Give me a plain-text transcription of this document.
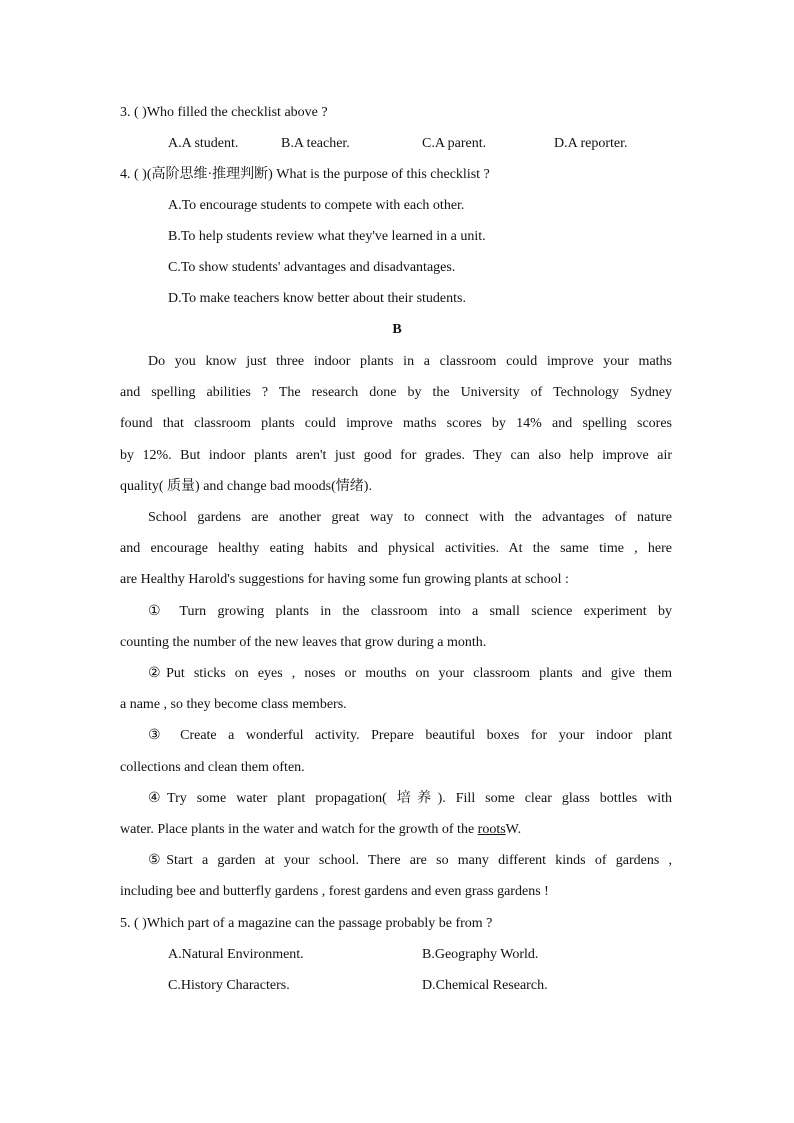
3. ( )Who filled the checklist above ?
A.A student.	B.A teacher.	C.A parent.	D.A reporter.
4. ( )(高阶思维·推理判断) What is the purpose of this checklist ?
A.To encourage students to compete with each other.
B.To help students review what they've learned in a unit.
C.To show students' advantages and disadvantages.
D.To make teachers know better about their students.
B
Do you know just three indoor plants in a classroom could improve your maths
and spelling abilities ? The research done by the University of Technology Sydney
found that classroom plants could improve maths scores by 14% and spelling scores
by 12%. But indoor plants aren't just good for grades. They can also help improve air
quality( 质量) and change bad moods(情绪).
School gardens are another great way to connect with the advantages of nature
and encourage healthy eating habits and physical activities. At the same time , here
are Healthy Harold's suggestions for having some fun growing plants at school :
① Turn growing plants in the classroom into a small science experiment by
counting the number of the new leaves that grow during a month.
②Put sticks on eyes , noses or mouths on your classroom plants and give them
a name , so they become class members.
③ Create a wonderful activity. Prepare beautiful boxes for your indoor plant
collections and clean them often.
④Try some water plant propagation( 培养). Fill some clear glass bottles with
water. Place plants in the water and watch for the growth of the rootsW.
⑤Start a garden at your school. There are so many different kinds of gardens ,
including bee and butterfly gardens , forest gardens and even grass gardens !
5. ( )Which part of a magazine can the passage probably be from ?
A.Natural Environment.	B.Geography World.
C.History Characters.	D.Chemical Research.
